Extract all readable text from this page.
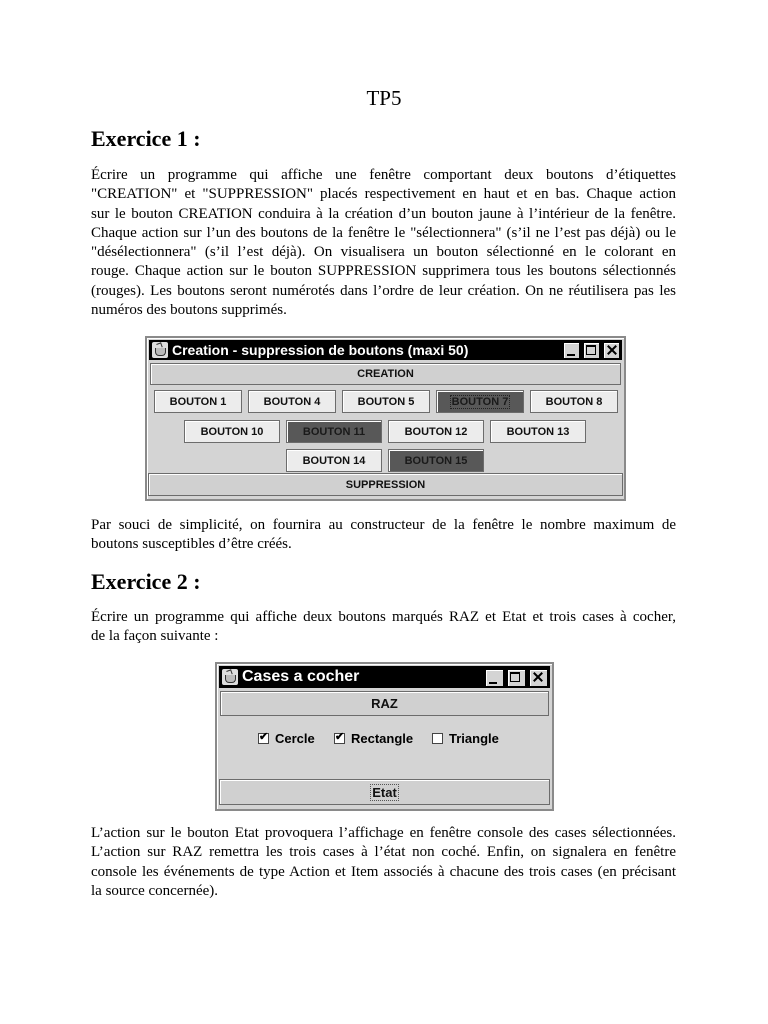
TP5
Exercice 1 :
Écrire un programme qui affiche une fenêtre comportant deux boutons d’étiquettes
"CREATION" et "SUPPRESSION" placés respectivement en haut et en bas. Chaque action
sur le bouton CREATION conduira à la création d’un bouton jaune à l’intérieur de la fenêtre.
Chaque action sur l’un des boutons de la fenêtre le "sélectionnera" (s’il ne l’est pas déjà) ou le
"désélectionnera" (s’il l’est déjà). On visualisera un bouton sélectionné en le colorant en
rouge. Chaque action sur le bouton SUPPRESSION supprimera tous les boutons sélectionnés
(rouges). Les boutons seront numérotés dans l’ordre de leur création. On ne réutilisera pas les
numéros des boutons supprimés.
Creation - suppression de boutons (maxi 50)
CREATION
BOUTON 1	BOUTON 4	BOUTON 5	BOUTON 7	BOUTON 8
BOUTON 10	BOUTON 11	BOUTON 12	BOUTON 13
BOUTON 14	BOUTON 15
SUPPRESSION
Par souci de simplicité, on fournira au constructeur de la fenêtre le nombre maximum de
boutons susceptibles d’être créés.
Exercice 2 :
Écrire un programme qui affiche deux boutons marqués RAZ et Etat et trois cases à cocher,
de la façon suivante :
Cases a cocher
RAZ
✔
Cercle
✔	Rectangle	Triangle
Etat
L’action sur le bouton Etat provoquera l’affichage en fenêtre console des cases sélectionnées.
L’action sur RAZ remettra les trois cases à l’état non coché. Enfin, on signalera en fenêtre
console les événements de type Action et Item associés à chacune des trois cases (en précisant
la source concernée).
